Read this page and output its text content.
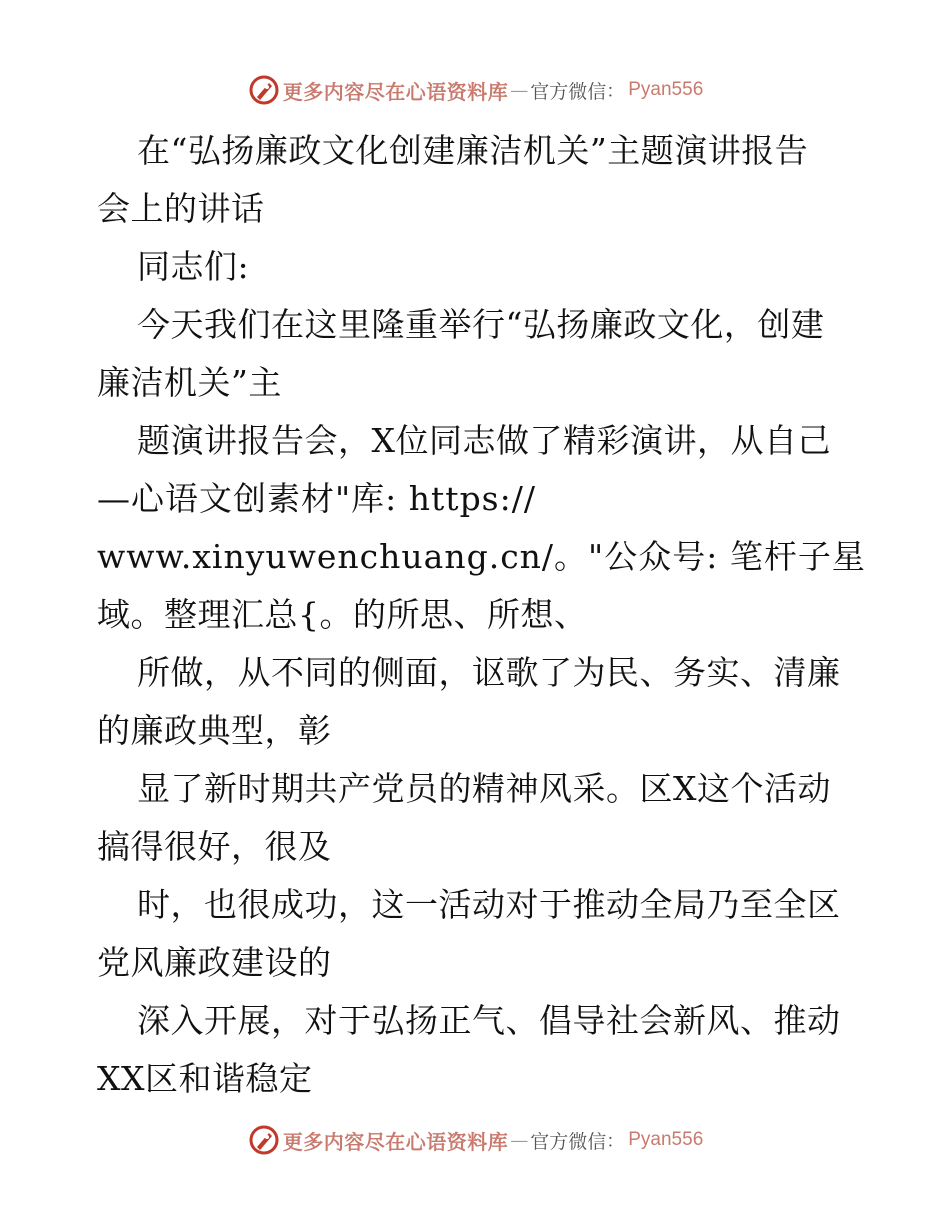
更多内容尽在心语资料库 — 官方微信 ： Pyan556
在“弘扬廉政文化创建廉洁机关”主题演讲报告
会上的讲话
同志们:
今天我们在这里隆重举行“弘扬廉政文化，创建
廉洁机关”主
题演讲报告会，X位同志做了精彩演讲，从自己
—心语文创素材"库: https://
www.xinyuwenchuang.cn/。"公众号: 笔杆子星
域。整理汇总{。的所思、所想、
所做，从不同的侧面，讴歌了为民、务实、清廉
的廉政典型，彰
显了新时期共产党员的精神风采。区X这个活动
搞得很好，很及
时，也很成功，这一活动对于推动全局乃至全区
党风廉政建设的
深入开展，对于弘扬正气、倡导社会新风、推动
XX区和谐稳定
更多内容尽在心语资料库 — 官方微信 ： Pyan556
